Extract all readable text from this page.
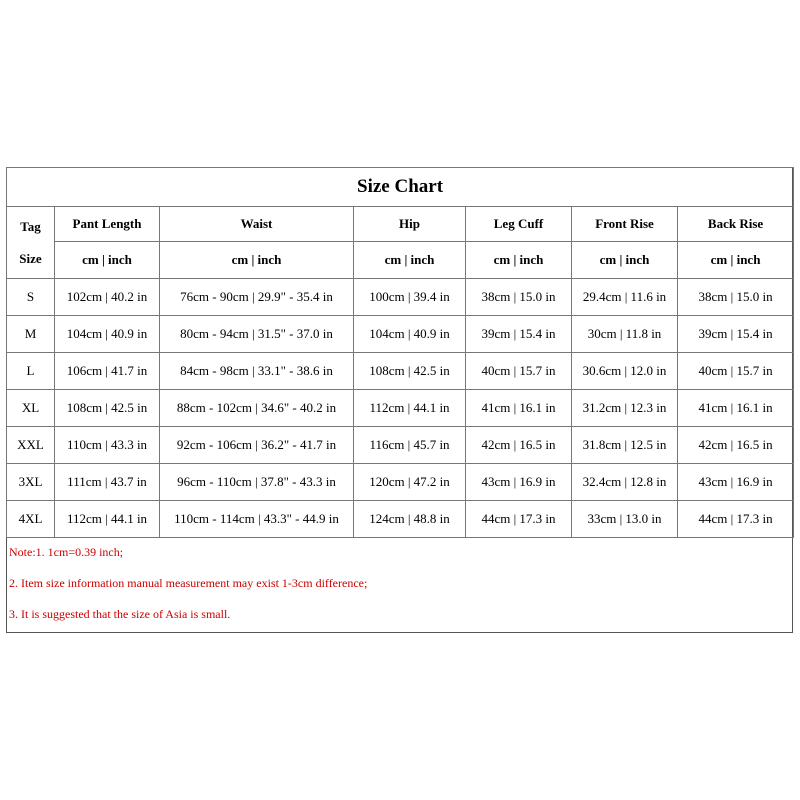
Size Chart						

Tag
Size	Pant Length	Waist	Hip	Leg Cuff	Front Rise	Back Rise
	cm | inch	cm | inch	cm | inch	cm | inch	cm | inch	cm | inch
S	102cm | 40.2 in	76cm - 90cm | 29.9" - 35.4 in	100cm | 39.4 in	38cm | 15.0 in	29.4cm | 11.6 in	38cm | 15.0 in
M	104cm | 40.9 in	80cm - 94cm | 31.5" - 37.0 in	104cm | 40.9 in	39cm | 15.4 in	30cm | 11.8 in	39cm | 15.4 in
L	106cm | 41.7 in	84cm - 98cm | 33.1" - 38.6 in	108cm | 42.5 in	40cm | 15.7 in	30.6cm | 12.0 in	40cm | 15.7 in
XL	108cm | 42.5 in	88cm - 102cm | 34.6" - 40.2 in	112cm | 44.1 in	41cm | 16.1 in	31.2cm | 12.3 in	41cm | 16.1 in
XXL	110cm | 43.3 in	92cm - 106cm | 36.2" - 41.7 in	116cm | 45.7 in	42cm | 16.5 in	31.8cm | 12.5 in	42cm | 16.5 in
3XL	111cm | 43.7 in	96cm - 110cm | 37.8" - 43.3 in	120cm | 47.2 in	43cm | 16.9 in	32.4cm | 12.8 in	43cm | 16.9 in
4XL	112cm | 44.1 in	110cm - 114cm | 43.3" - 44.9 in	124cm | 48.8 in	44cm | 17.3 in	33cm | 13.0 in	44cm | 17.3 in
Note:1. 1cm=0.39 inch;
2. Item size information manual measurement may exist 1-3cm difference;
3. It is suggested that the size of Asia is small.
